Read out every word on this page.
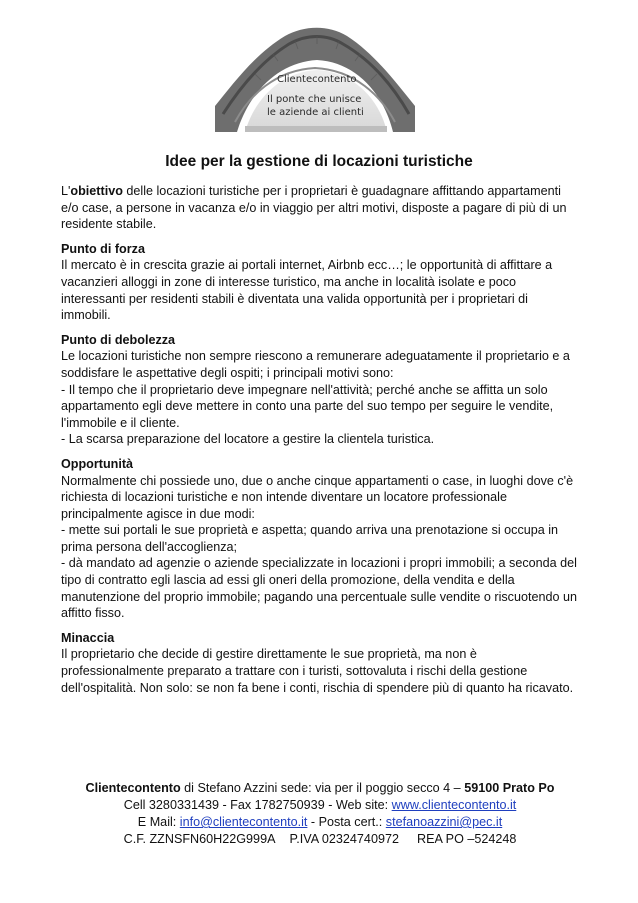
Clientecontento
Il ponte che unisce
le aziende ai clienti
Idee per la gestione di locazioni turistiche

L'obiettivo delle locazioni turistiche per i proprietari è guadagnare affittando appartamenti e/o case, a persone in vacanza e/o in viaggio per altri motivi, disposte a pagare di più di un residente stabile.

Punto di forza

Il mercato è in crescita grazie ai portali internet, Airbnb ecc…; le opportunità di affittare a vacanzieri alloggi in zone di interesse turistico, ma anche in località isolate e poco interessanti per residenti stabili è diventata una valida opportunità per i proprietari di immobili.

Punto di debolezza

Le locazioni turistiche non sempre riescono a remunerare adeguatamente il proprietario e a soddisfare le aspettative degli ospiti; i principali motivi sono:

- Il tempo che il proprietario deve impegnare nell'attività; perché anche se affitta un solo appartamento egli deve mettere in conto una parte del suo tempo per seguire le vendite, l'immobile e il cliente.

- La scarsa preparazione del locatore a gestire la clientela turistica.

Opportunità

Normalmente chi possiede uno, due o anche cinque appartamenti o case, in luoghi dove c'è richiesta di locazioni turistiche e non intende diventare un locatore professionale principalmente agisce in due modi:

- mette sui portali le sue proprietà e aspetta; quando arriva una prenotazione si occupa in prima persona dell'accoglienza;

- dà mandato ad agenzie o aziende specializzate in locazioni i propri immobili; a seconda del tipo di contratto egli lascia ad essi gli oneri della promozione, della vendita e della manutenzione del proprio immobile; pagando una percentuale sulle vendite o riscuotendo un affitto fisso.

Minaccia

Il proprietario che decide di gestire direttamente le sue proprietà, ma non è professionalmente preparato a trattare con i turisti, sottovaluta i rischi della gestione dell'ospitalità. Non solo: se non fa bene i conti, rischia di spendere più di quanto ha ricavato.

Clientecontento di Stefano Azzini sede: via per il poggio secco 4 – 59100 Prato Po
Cell 3280331439 - Fax 1782750939 - Web site: www.clientecontento.it
E Mail: info@clientecontento.it - Posta cert.: stefanoazzini@pec.it
C.F. ZZNSFN60H22G999A P.IVA 02324740972 REA PO –524248
